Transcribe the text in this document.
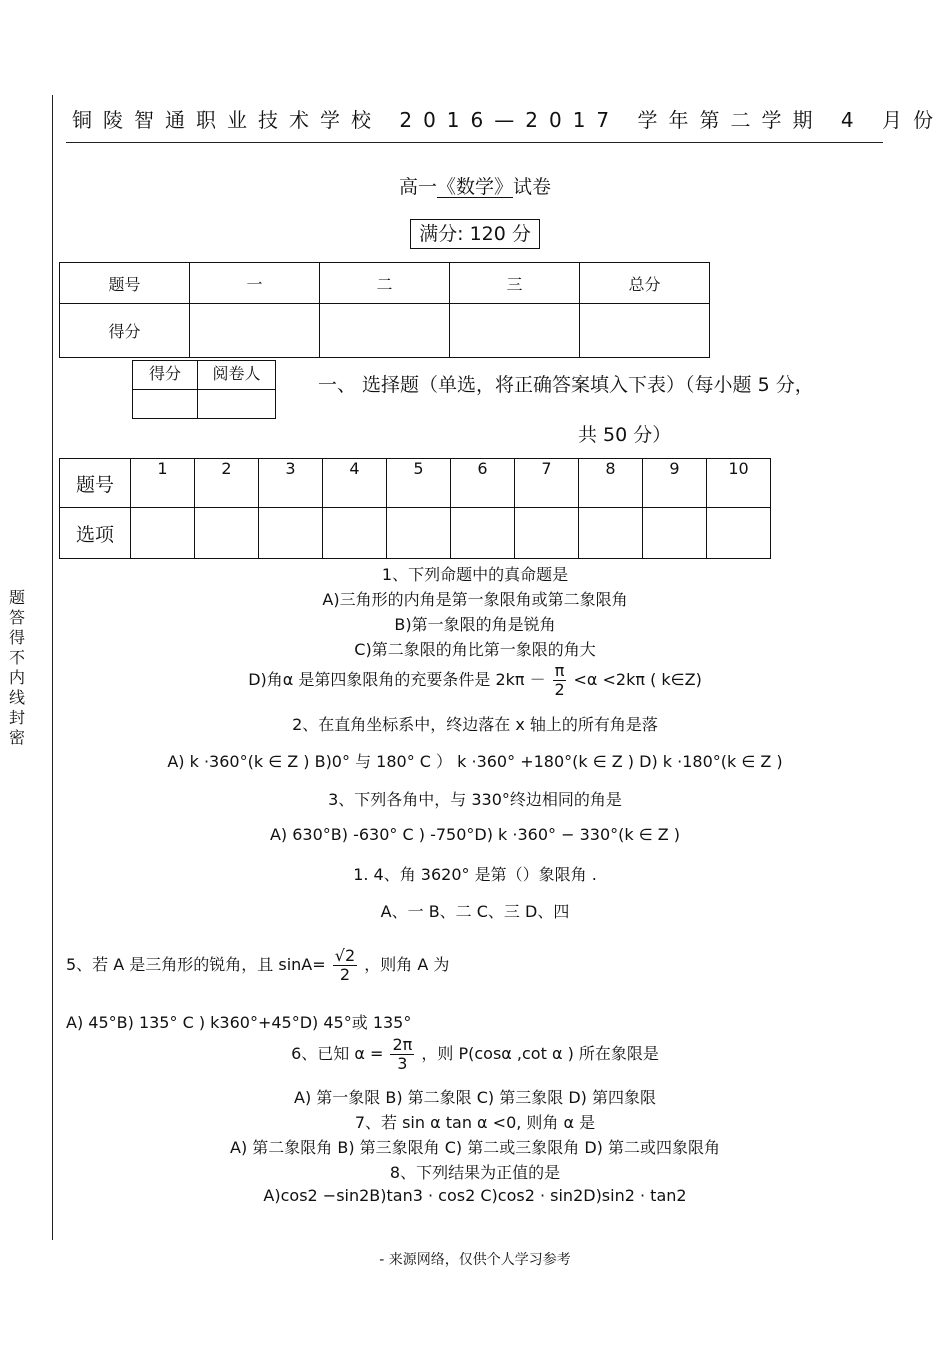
题答得不内线封密
铜陵智通职业技术学校 2016—2017 学年第二学期 4 月份
高一《数学》试卷
满分: 120 分
题号	一	二	三	总分
得分				
得分	阅卷人

一、 选择题（单选，将正确答案填入下表）（每小题 5 分，
共 50 分）
题号	1	2	3	4	5	6	7	8	9	10
选项										
1、下列命题中的真命题是
A)三角形的内角是第一象限角或第二象限角
B)第一象限的角是锐角
C)第二象限的角比第一象限的角大
D)角α 是第四象限角的充要条件是 $2k\pi - \frac{\pi}{2} <\alpha <2k\pi$ ( k∈Z)
2、在直角坐标系中，终边落在 x 轴上的所有角是落
A) k ·360°(k ∈ Z ) B)0° 与 180° C ） k ·360° +180°(k ∈ Z ) D) k ·180°(k ∈ Z )
3、下列各角中，与 330°终边相同的角是
A) 630°B) -630° C ) -750°D) k ·360° − 330°(k ∈ Z )
1. 4、角 3620° 是第（）象限角 .
A、一 B、二 C、三 D、四
5、若 A 是三角形的锐角，且 $\sin A= \frac{√2}{2}$ ，则角 A 为
A) 45°B) 135° C ) k360°+45°D) 45°或 135°
6、已知 $\alpha = \frac{2\pi}{3}$ ，则 P(cosα ,cot α ) 所在象限是
A) 第一象限 B) 第二象限 C) 第三象限 D) 第四象限
7、若 sin α tan α <0, 则角 α 是
A) 第二象限角 B) 第三象限角 C) 第二或三象限角 D) 第二或四象限角
8、下列结果为正值的是
A)cos2 −sin2B)tan3 · cos2 C)cos2 · sin2D)sin2 · tan2
- 来源网络，仅供个人学习参考
